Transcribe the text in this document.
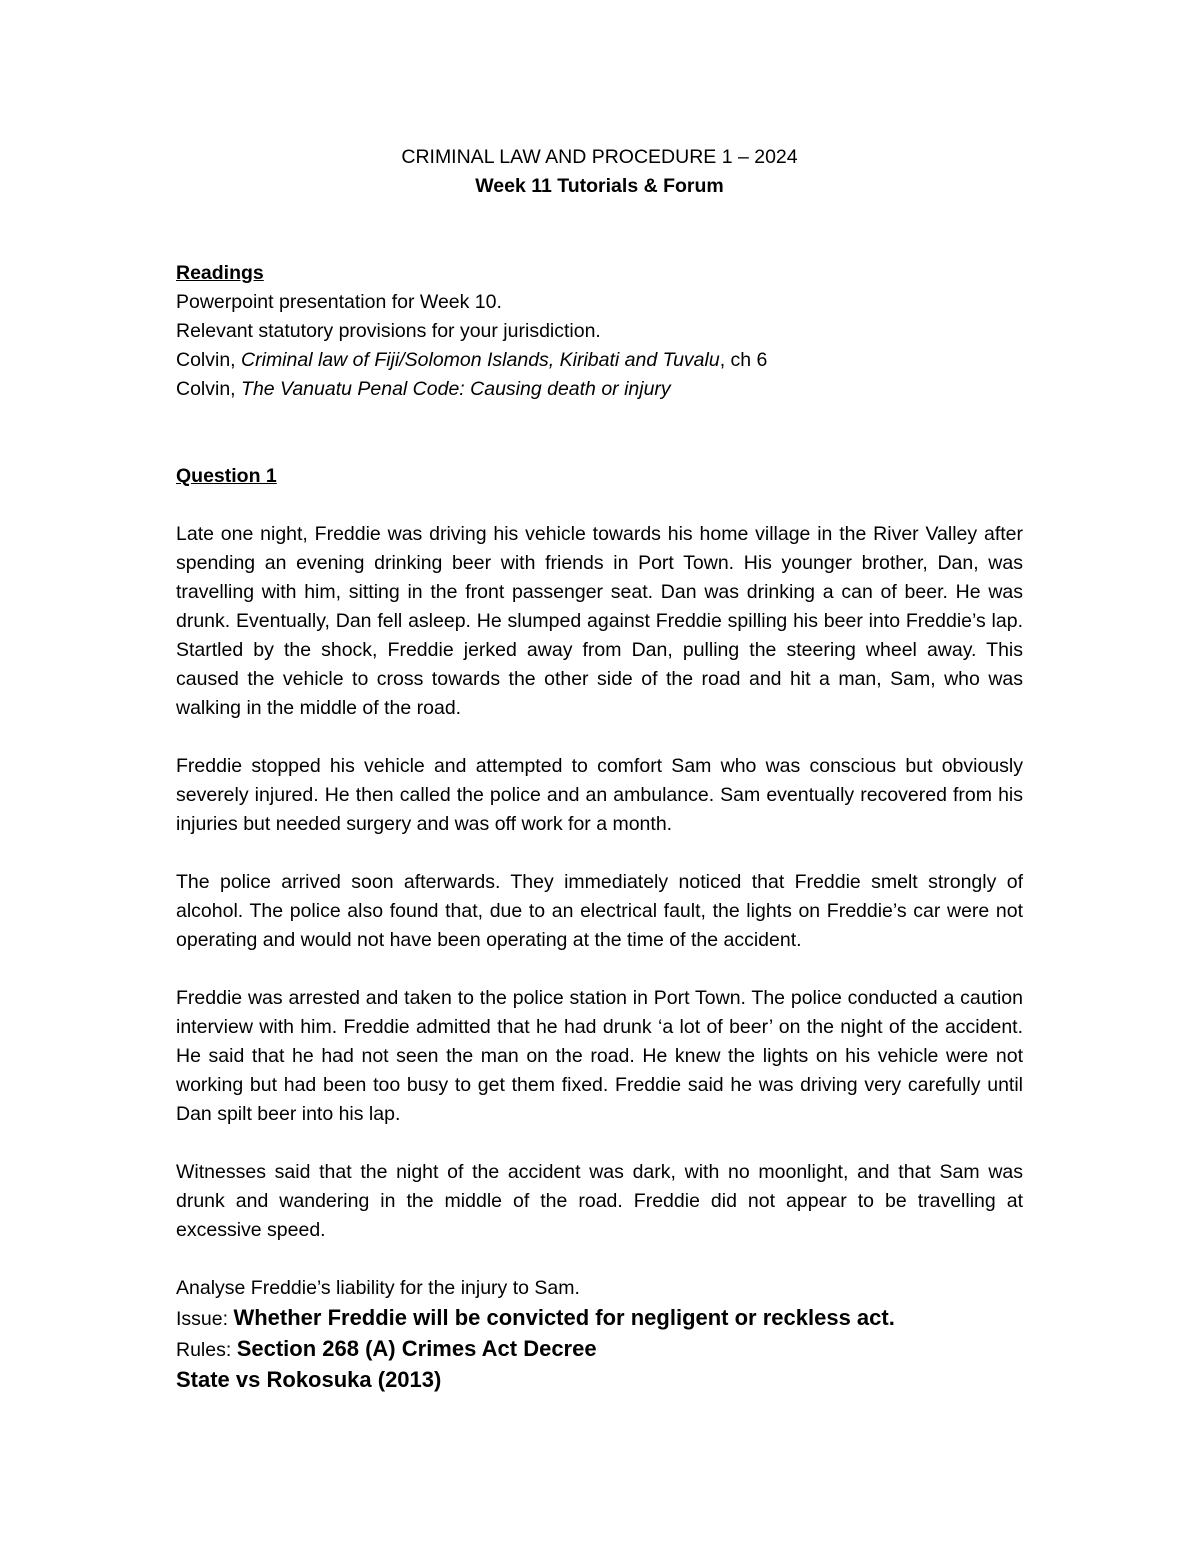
CRIMINAL LAW AND PROCEDURE 1 – 2024
Week 11 Tutorials & Forum
Readings
Powerpoint presentation for Week 10.
Relevant statutory provisions for your jurisdiction.
Colvin, Criminal law of Fiji/Solomon Islands, Kiribati and Tuvalu, ch 6
Colvin, The Vanuatu Penal Code: Causing death or injury
Question 1

Late one night, Freddie was driving his vehicle towards his home village in the River Valley after spending an evening drinking beer with friends in Port Town. His younger brother, Dan, was travelling with him, sitting in the front passenger seat. Dan was drinking a can of beer. He was drunk. Eventually, Dan fell asleep. He slumped against Freddie spilling his beer into Freddie’s lap. Startled by the shock, Freddie jerked away from Dan, pulling the steering wheel away. This caused the vehicle to cross towards the other side of the road and hit a man, Sam, who was walking in the middle of the road.

Freddie stopped his vehicle and attempted to comfort Sam who was conscious but obviously severely injured. He then called the police and an ambulance. Sam eventually recovered from his injuries but needed surgery and was off work for a month.

The police arrived soon afterwards. They immediately noticed that Freddie smelt strongly of alcohol. The police also found that, due to an electrical fault, the lights on Freddie’s car were not operating and would not have been operating at the time of the accident.

Freddie was arrested and taken to the police station in Port Town. The police conducted a caution interview with him. Freddie admitted that he had drunk ‘a lot of beer’ on the night of the accident. He said that he had not seen the man on the road. He knew the lights on his vehicle were not working but had been too busy to get them fixed. Freddie said he was driving very carefully until Dan spilt beer into his lap.

Witnesses said that the night of the accident was dark, with no moonlight, and that Sam was drunk and wandering in the middle of the road. Freddie did not appear to be travelling at excessive speed.

Analyse Freddie’s liability for the injury to Sam.
Issue: Whether Freddie will be convicted for negligent or reckless act.
Rules: Section 268 (A) Crimes Act Decree
State vs Rokosuka (2013)
